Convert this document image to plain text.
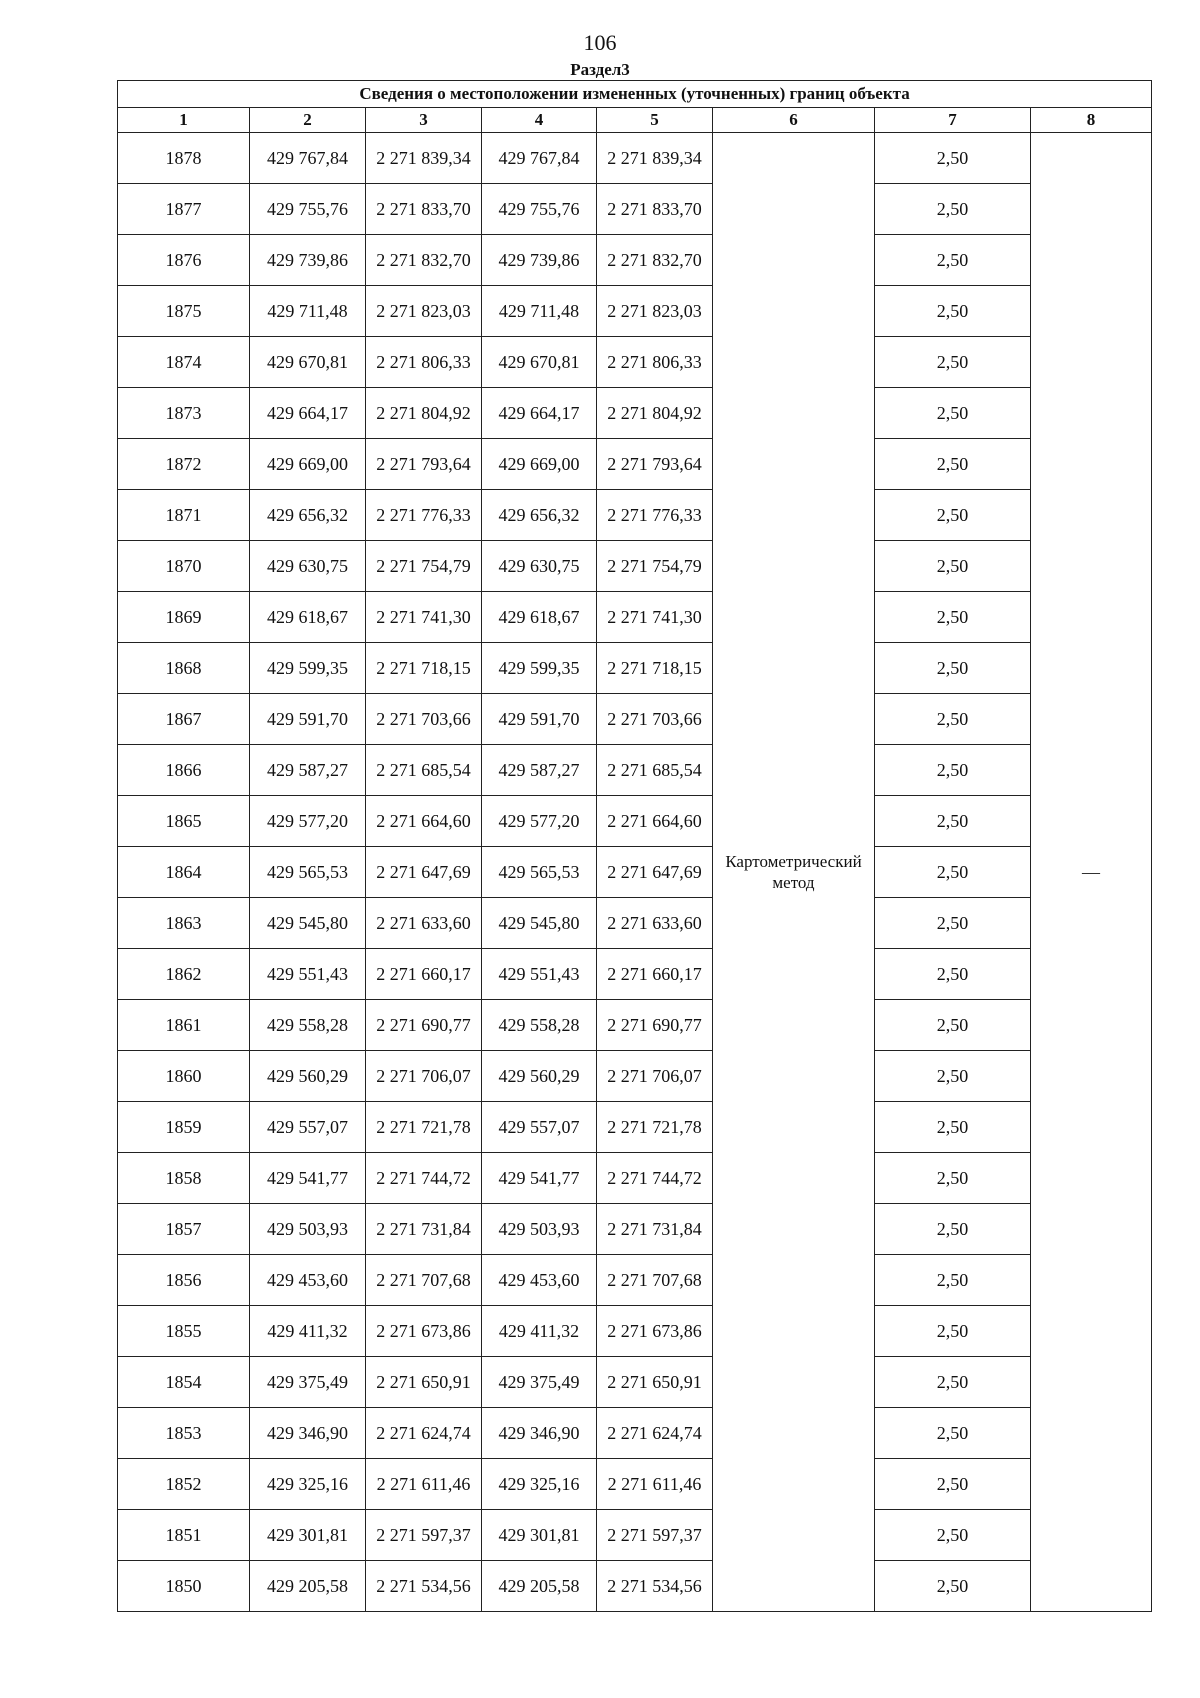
106
Раздел3
Сведения о местоположении измененных (уточненных) границ объекта							
1	2	3	4	5	6	7	8
1878	429 767,84	2 271 839,34	429 767,84	2 271 839,34	Картометрический метод	2,50	—
1877	429 755,76	2 271 833,70	429 755,76	2 271 833,70		2,50	
1876	429 739,86	2 271 832,70	429 739,86	2 271 832,70		2,50	
1875	429 711,48	2 271 823,03	429 711,48	2 271 823,03		2,50	
1874	429 670,81	2 271 806,33	429 670,81	2 271 806,33		2,50	
1873	429 664,17	2 271 804,92	429 664,17	2 271 804,92		2,50	
1872	429 669,00	2 271 793,64	429 669,00	2 271 793,64		2,50	
1871	429 656,32	2 271 776,33	429 656,32	2 271 776,33		2,50	
1870	429 630,75	2 271 754,79	429 630,75	2 271 754,79		2,50	
1869	429 618,67	2 271 741,30	429 618,67	2 271 741,30		2,50	
1868	429 599,35	2 271 718,15	429 599,35	2 271 718,15		2,50	
1867	429 591,70	2 271 703,66	429 591,70	2 271 703,66		2,50	
1866	429 587,27	2 271 685,54	429 587,27	2 271 685,54		2,50	
1865	429 577,20	2 271 664,60	429 577,20	2 271 664,60		2,50	
1864	429 565,53	2 271 647,69	429 565,53	2 271 647,69		2,50	
1863	429 545,80	2 271 633,60	429 545,80	2 271 633,60		2,50	
1862	429 551,43	2 271 660,17	429 551,43	2 271 660,17		2,50	
1861	429 558,28	2 271 690,77	429 558,28	2 271 690,77		2,50	
1860	429 560,29	2 271 706,07	429 560,29	2 271 706,07		2,50	
1859	429 557,07	2 271 721,78	429 557,07	2 271 721,78		2,50	
1858	429 541,77	2 271 744,72	429 541,77	2 271 744,72		2,50	
1857	429 503,93	2 271 731,84	429 503,93	2 271 731,84		2,50	
1856	429 453,60	2 271 707,68	429 453,60	2 271 707,68		2,50	
1855	429 411,32	2 271 673,86	429 411,32	2 271 673,86		2,50	
1854	429 375,49	2 271 650,91	429 375,49	2 271 650,91		2,50	
1853	429 346,90	2 271 624,74	429 346,90	2 271 624,74		2,50	
1852	429 325,16	2 271 611,46	429 325,16	2 271 611,46		2,50	
1851	429 301,81	2 271 597,37	429 301,81	2 271 597,37		2,50	
1850	429 205,58	2 271 534,56	429 205,58	2 271 534,56		2,50	
